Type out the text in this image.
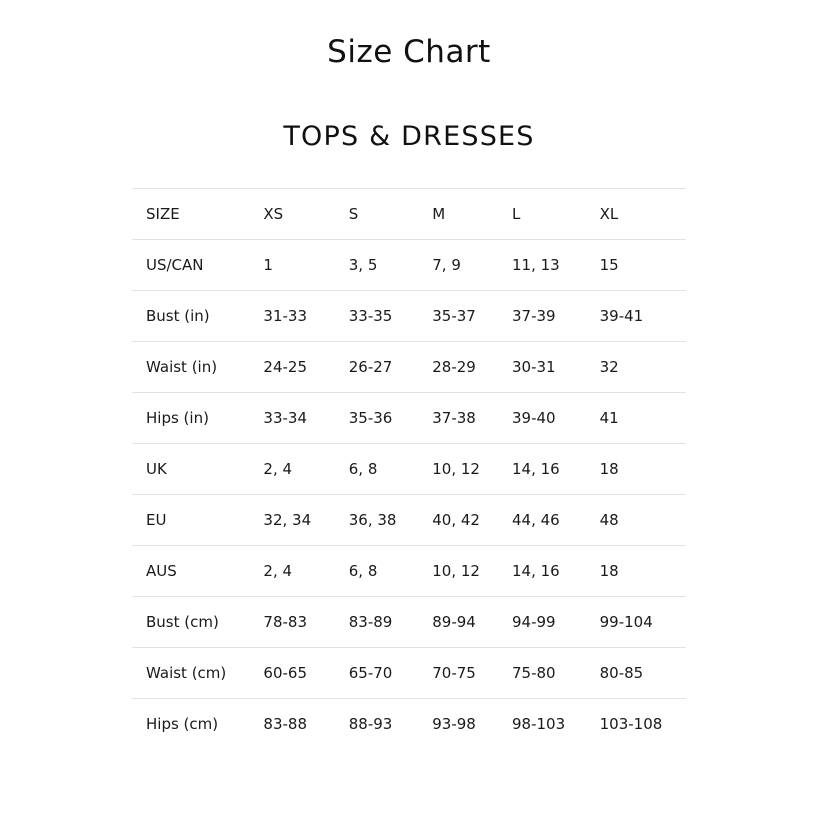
Size Chart
TOPS & DRESSES
SIZE	XS	S	M	L	XL
US/CAN	1	3, 5	7, 9	11, 13	15
Bust (in)	31-33	33-35	35-37	37-39	39-41
Waist (in)	24-25	26-27	28-29	30-31	32
Hips (in)	33-34	35-36	37-38	39-40	41
UK	2, 4	6, 8	10, 12	14, 16	18
EU	32, 34	36, 38	40, 42	44, 46	48
AUS	2, 4	6, 8	10, 12	14, 16	18
Bust (cm)	78-83	83-89	89-94	94-99	99-104
Waist (cm)	60-65	65-70	70-75	75-80	80-85
Hips (cm)	83-88	88-93	93-98	98-103	103-108
